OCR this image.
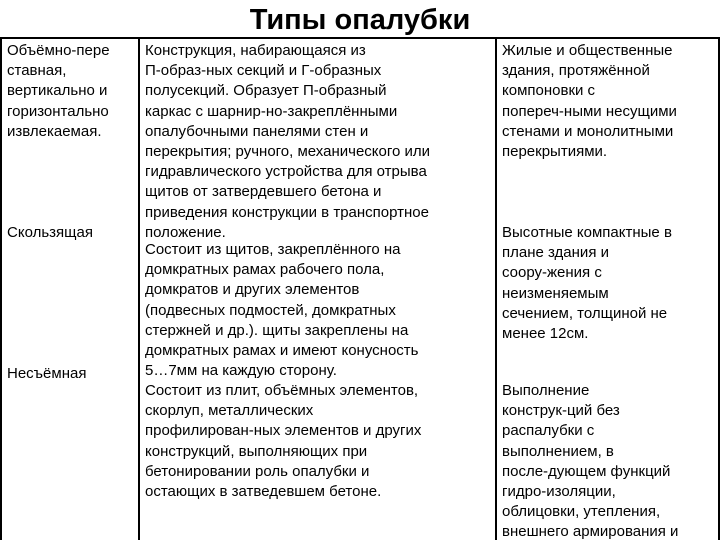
Типы опалубки

Объёмно-пере
ставная,
вертикально и
горизонтально
извлекаемая.

Скользящая

Несъёмная

Конструкция, набирающаяся из
П-образ-ных секций и Г-образных
полусекций. Образует П-образный
каркас с шарнир-но-закреплёнными
опалубочными панелями стен и
перекрытия; ручного, механического или
гидравлического устройства для отрыва
щитов от затвердевшего бетона и
приведения конструкции в транспортное
положение.

Состоит из щитов, закреплённого на
домкратных рамах рабочего пола,
домкратов и других элементов
(подвесных подмостей, домкратных
стержней и др.). щиты закреплены на
домкратных рамах и имеют конусность
5…7мм на каждую сторону.

Состоит из плит, объёмных элементов,
скорлуп, металлических
профилирован-ных элементов и других
конструкций, выполняющих при
бетонировании роль опалубки и
остающих в затведевшем бетоне.

Жилые и общественные
здания, протяжённой
компоновки с
попереч-ными несущими
стенами и монолитными
перекрытиями.

Высотные компактные в
плане здания и
соору-жения с
неизменяемым
сечением, толщиной не
менее 12см.

Выполнение
конструк-ций без
распалубки с
выполнением, в
после-дующем функций
гидро-изоляции,
облицовки, утепления,
внешнего армирования и
